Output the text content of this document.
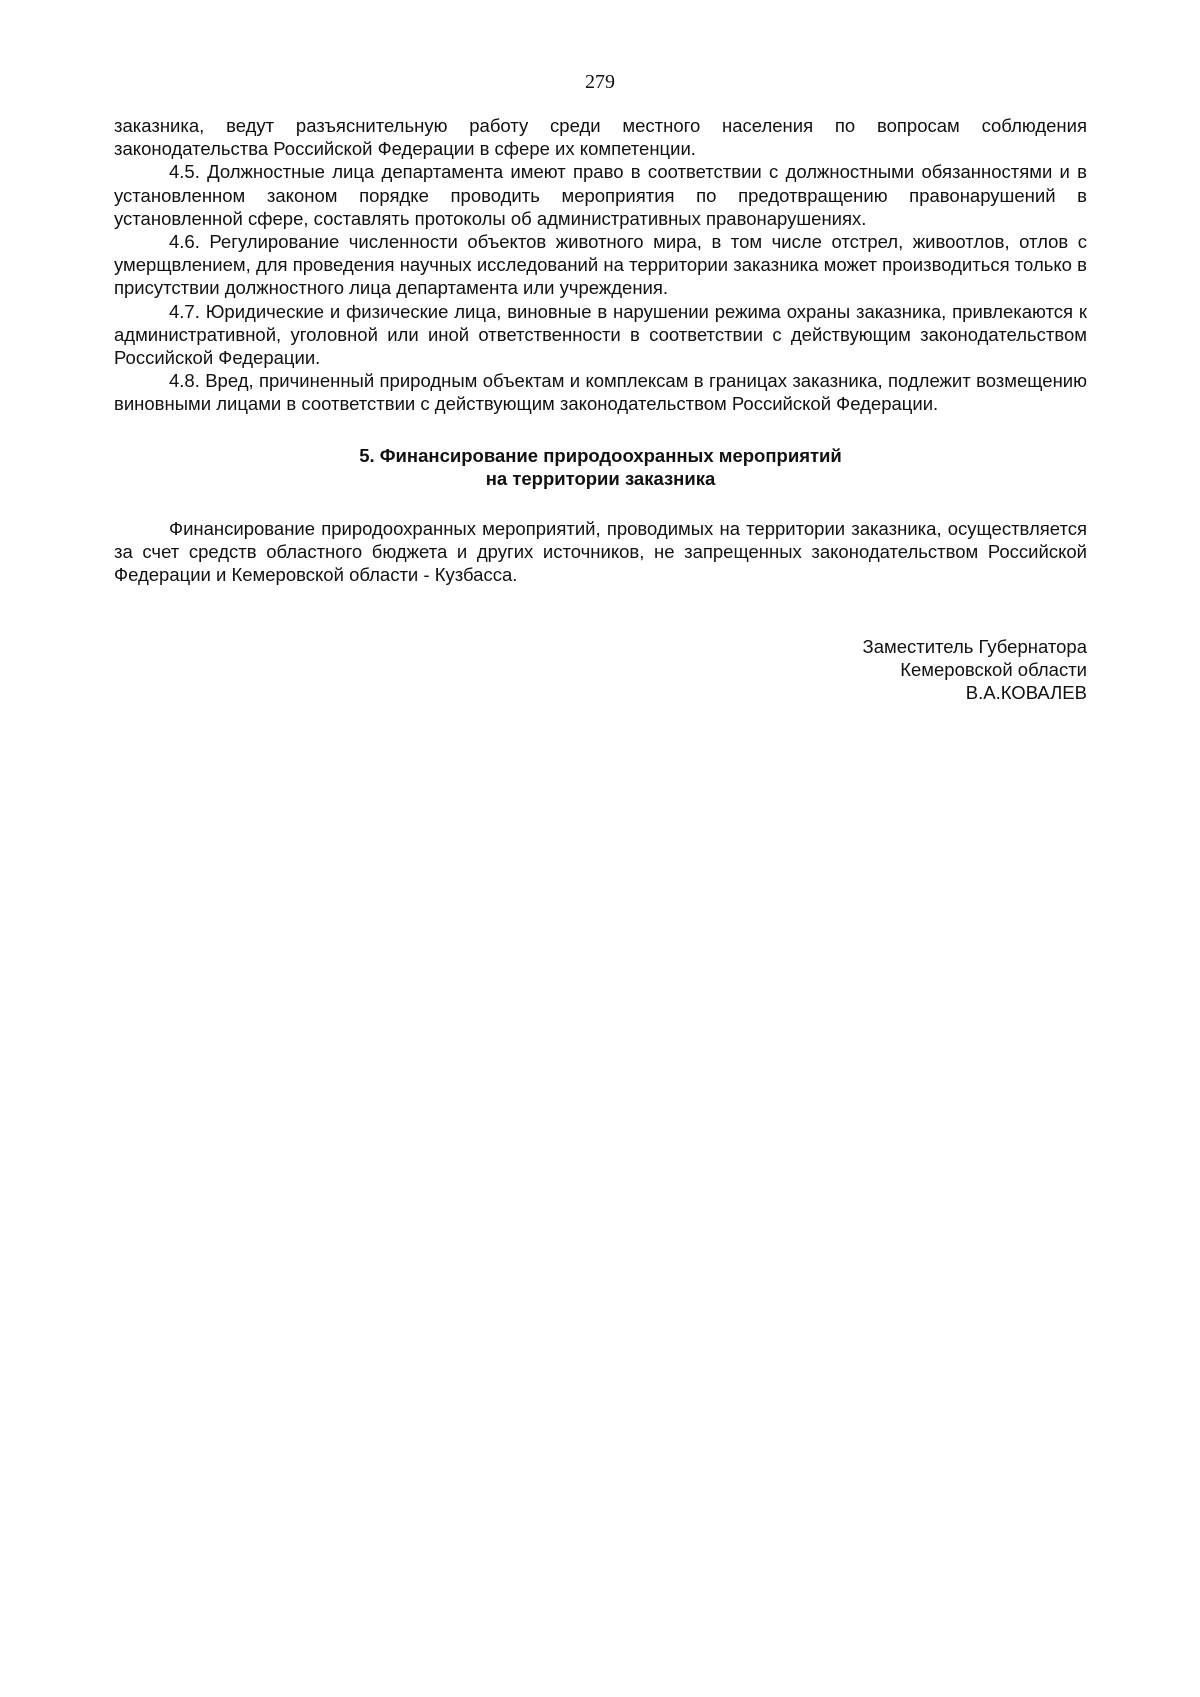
279

заказника, ведут разъяснительную работу среди местного населения по вопросам соблюдения законодательства Российской Федерации в сфере их компетенции.

4.5. Должностные лица департамента имеют право в соответствии с должностными обязанностями и в установленном законом порядке проводить мероприятия по предотвращению правонарушений в установленной сфере, составлять протоколы об административных правонарушениях.

4.6. Регулирование численности объектов животного мира, в том числе отстрел, живоотлов, отлов с умерщвлением, для проведения научных исследований на территории заказника может производиться только в присутствии должностного лица департамента или учреждения.

4.7. Юридические и физические лица, виновные в нарушении режима охраны заказника, привлекаются к административной, уголовной или иной ответственности в соответствии с действующим законодательством Российской Федерации.

4.8. Вред, причиненный природным объектам и комплексам в границах заказника, подлежит возмещению виновными лицами в соответствии с действующим законодательством Российской Федерации.

5. Финансирование природоохранных мероприятий
на территории заказника

Финансирование природоохранных мероприятий, проводимых на территории заказника, осуществляется за счет средств областного бюджета и других источников, не запрещенных законодательством Российской Федерации и Кемеровской области - Кузбасса.

Заместитель Губернатора
Кемеровской области
В.А.КОВАЛЕВ
